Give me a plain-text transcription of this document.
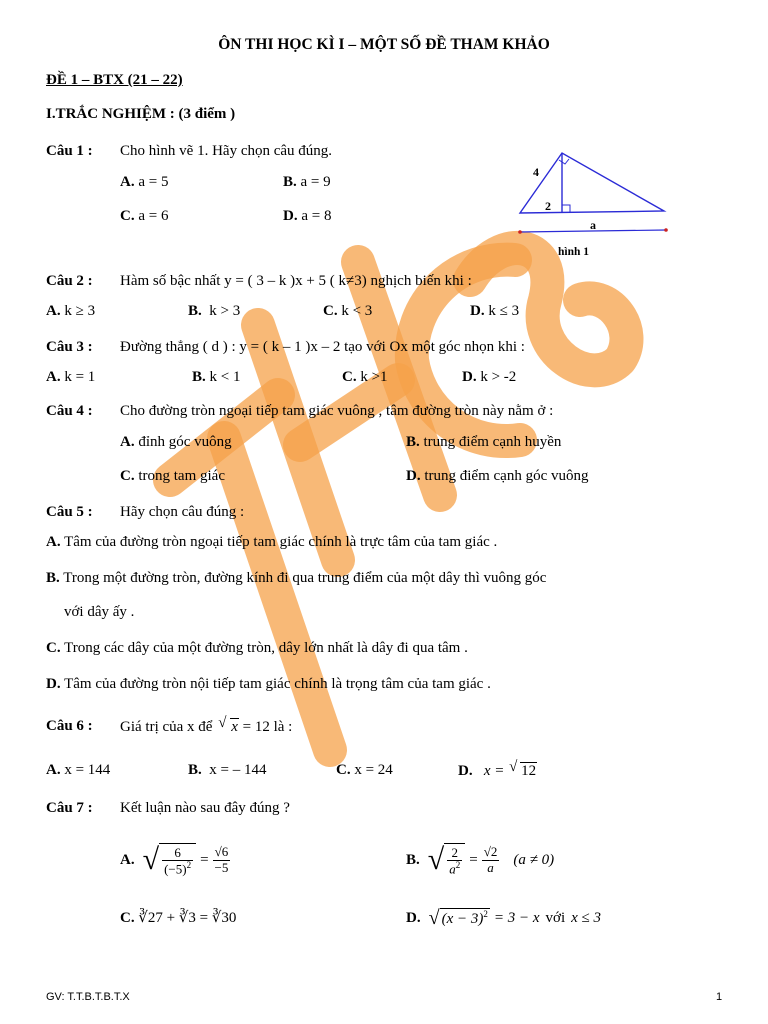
ÔN THI HỌC KÌ I – MỘT SỐ ĐỀ THAM KHẢO
ĐỀ 1 – BTX (21 – 22)
I.TRẮC NGHIỆM : (3 điểm )
4
2
a
hình 1
Câu 1 : Cho hình vẽ 1. Hãy chọn câu đúng.
A. a = 5	B. a = 9
C. a = 6	D. a = 8
Câu 2 : Hàm số bậc nhất y = ( 3 – k )x + 5 ( k≠3) nghịch biến khi :
A. k ≥ 3	B. k > 3	C. k < 3	D. k ≤ 3
Câu 3 : Đường thẳng ( d ) : y = ( k – 1 )x – 2 tạo với Ox một góc nhọn khi :
A. k = 1	B. k < 1	C. k >1	D. k > -2
Câu 4 : Cho đường tròn ngoại tiếp tam giác vuông , tâm đường tròn này nằm ở :
A. đỉnh góc vuông	B. trung điểm cạnh huyền
C. trong tam giác	D. trung điểm cạnh góc vuông
Câu 5 : Hãy chọn câu đúng :
A. Tâm của đường tròn ngoại tiếp tam giác chính là trực tâm của tam giác .
B. Trong một đường tròn, đường kính đi qua trung điểm của một dây thì vuông góc
với dây ấy .
C. Trong các dây của một đường tròn, dây lớn nhất là dây đi qua tâm .
D. Tâm của đường tròn nội tiếp tam giác chính là trọng tâm của tam giác .
Câu 6 : Giá trị của x để √ x = 12 là :
A. x = 144	B. x = – 144	C. x = 24	D. x = √ 12
Câu 7 : Kết luận nào sau đây đúng ?
A. √ $\frac{6}{(-5)^2} = \frac{√6}{-5}$	B. √ $\frac{2}{a^2} = \frac{√2}{a} (a \ne 0)$
C. ∛27 + ∛3 = ∛30	D. √ $(x - 3)^2 = 3 - x$ với x ≤ 3
GV: T.T.B.T.B.T.X	1
